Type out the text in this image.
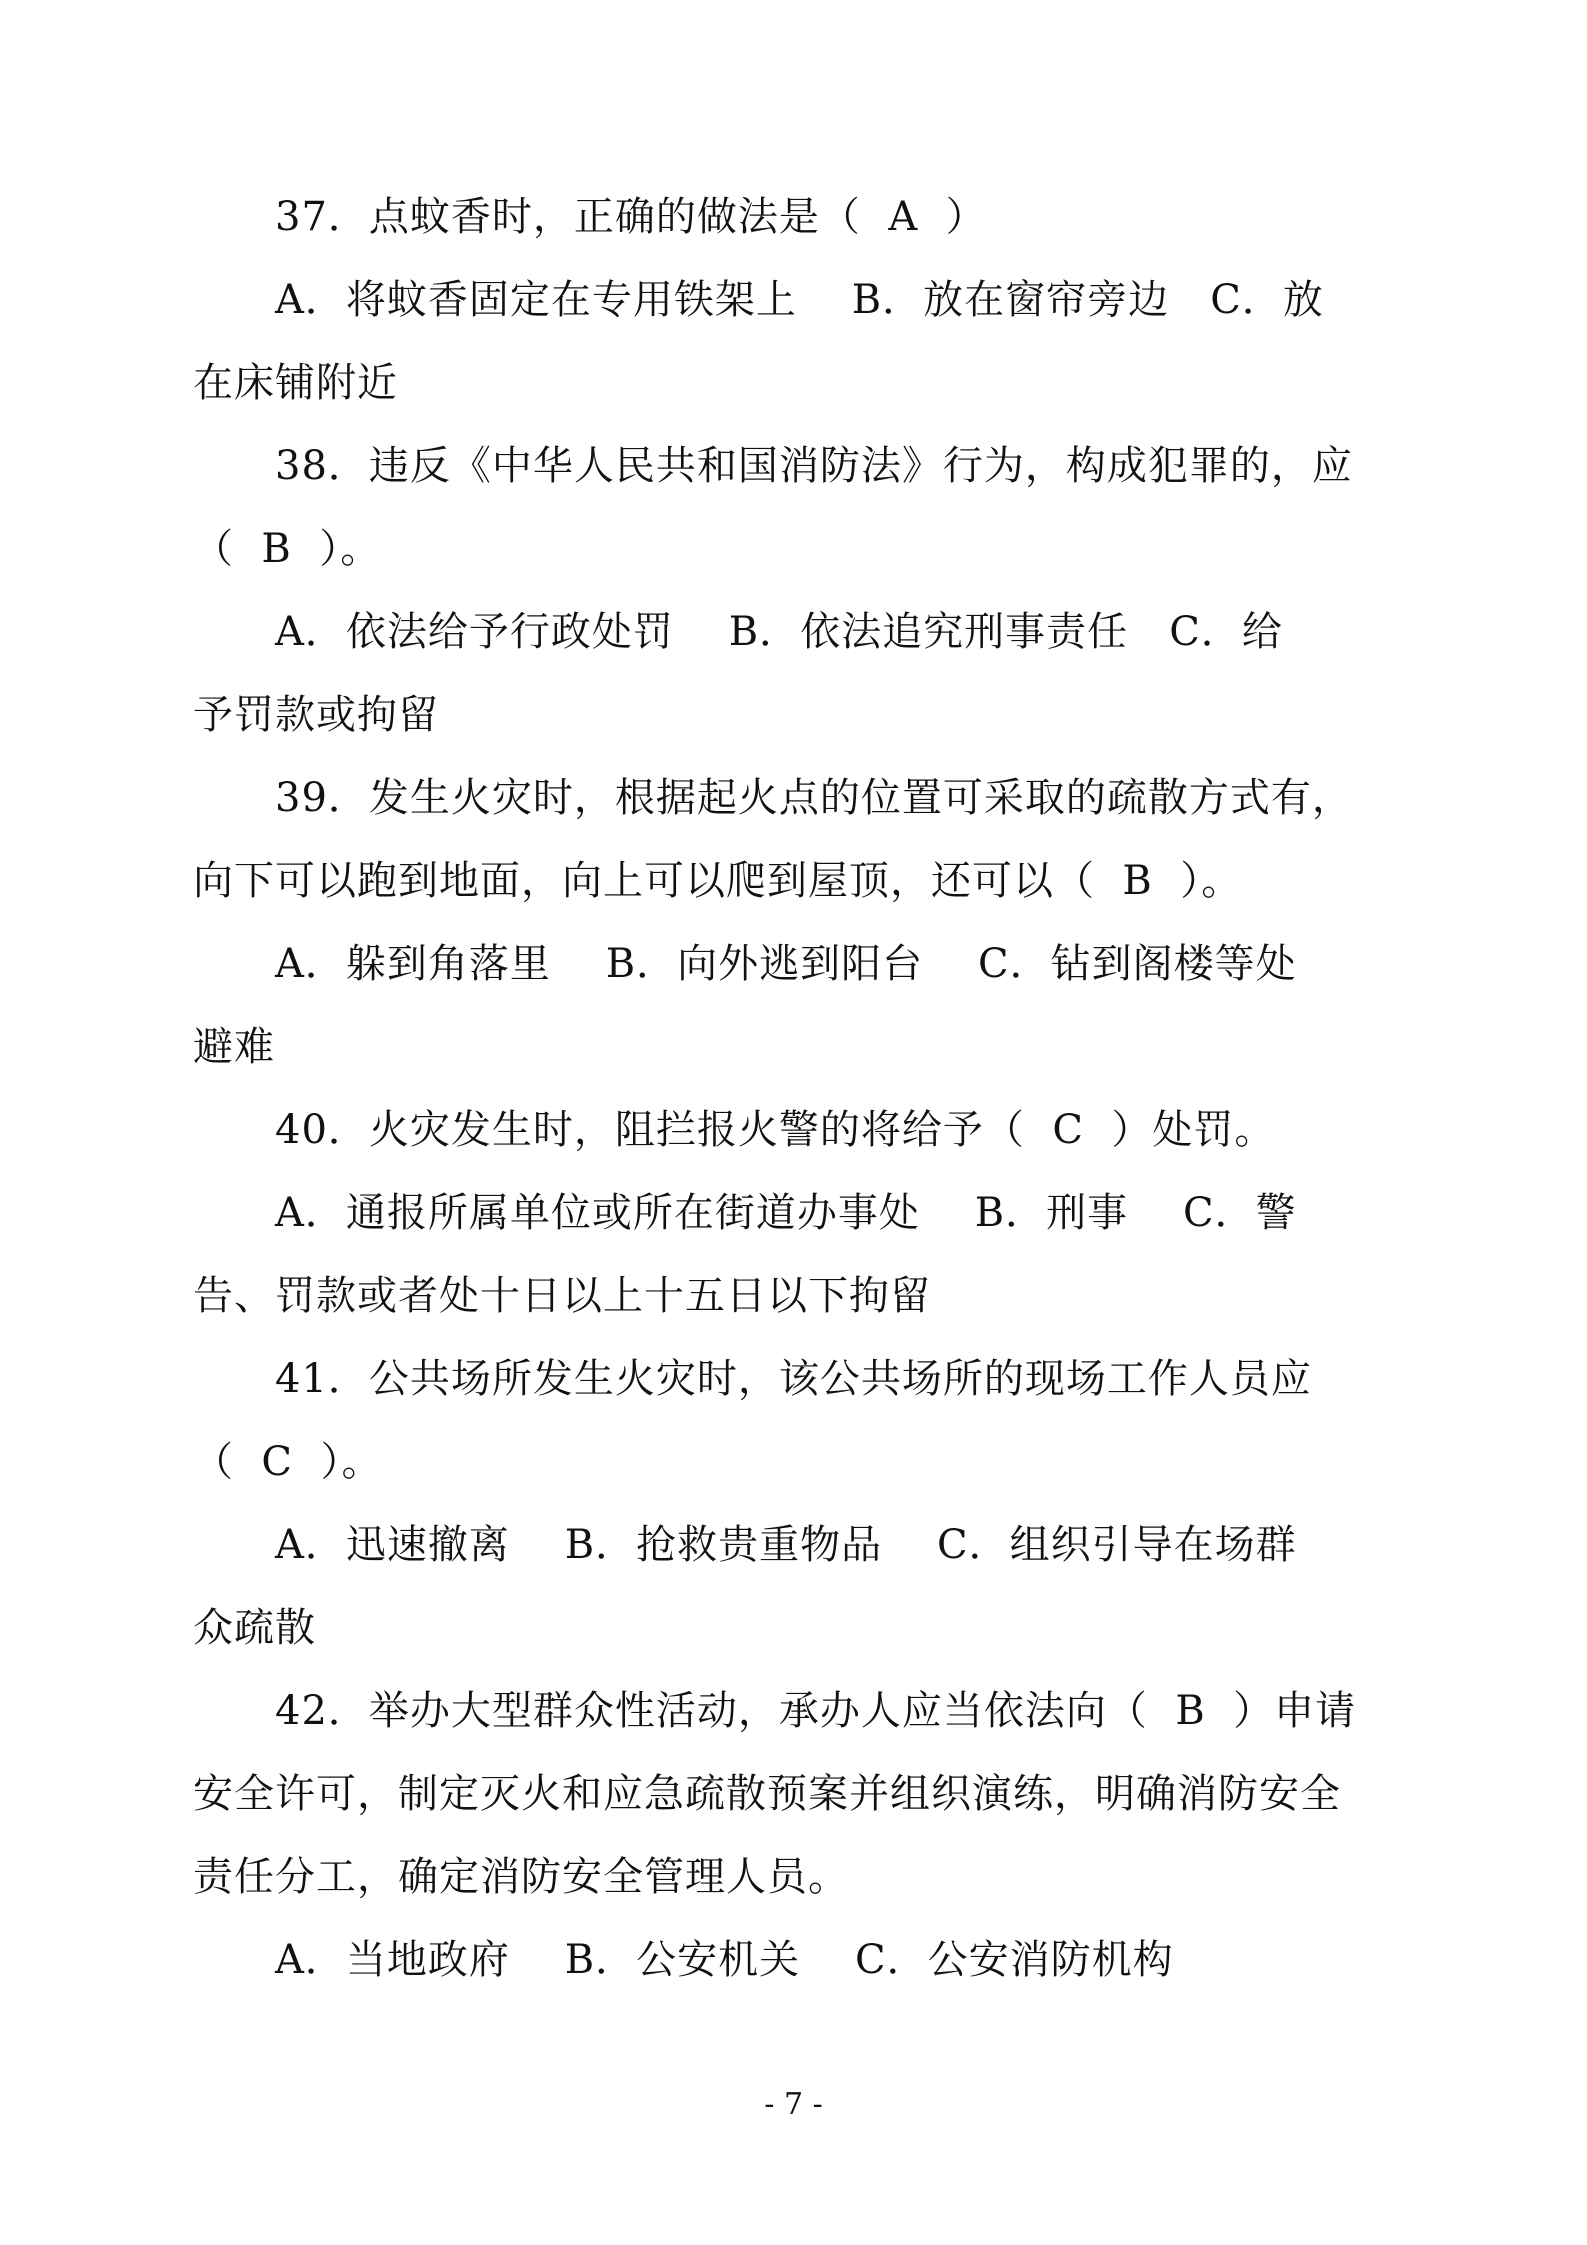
37．点蚊香时，正确的做法是（  A  ）
A．将蚊香固定在专用铁架上    B．放在窗帘旁边   C．放
在床铺附近
38．违反《中华人民共和国消防法》行为，构成犯罪的，应
（  B  ）。
A．依法给予行政处罚    B．依法追究刑事责任   C．给
予罚款或拘留
39．发生火灾时，根据起火点的位置可采取的疏散方式有，
向下可以跑到地面，向上可以爬到屋顶，还可以（  B  ）。
A．躲到角落里    B．向外逃到阳台    C．钻到阁楼等处
避难
40．火灾发生时，阻拦报火警的将给予（  C  ）处罚。
A．通报所属单位或所在街道办事处    B．刑事    C．警
告、罚款或者处十日以上十五日以下拘留
41．公共场所发生火灾时，该公共场所的现场工作人员应
（  C  ）。
A．迅速撤离    B．抢救贵重物品    C．组织引导在场群
众疏散
42．举办大型群众性活动，承办人应当依法向（  B  ）申请
安全许可，制定灭火和应急疏散预案并组织演练，明确消防安全
责任分工，确定消防安全管理人员。
A．当地政府    B．公安机关    C．公安消防机构
- 7 -
